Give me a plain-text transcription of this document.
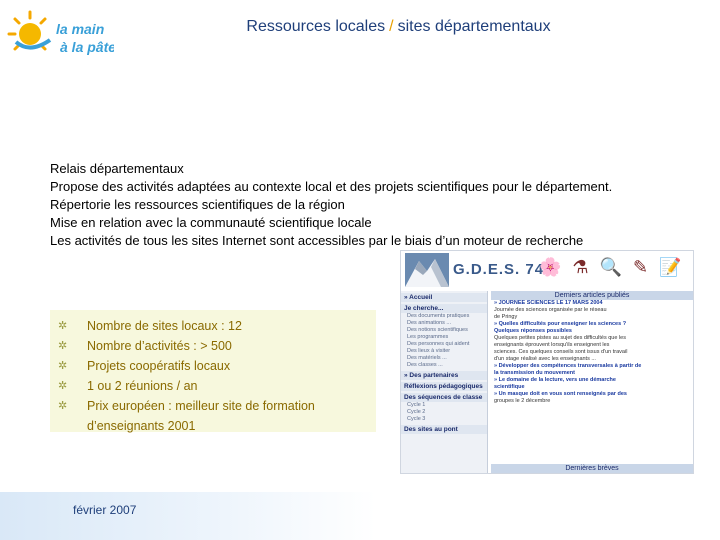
la main
à la pâte
Ressources locales / sites départementaux
Relais départementaux
Propose des activités adaptées au contexte local et des projets scientifiques pour le département.
Répertorie les ressources scientifiques de la région
Mise en relation avec la communauté scientifique locale
Les activités de tous les sites Internet sont accessibles par le biais d’un moteur de recherche
✲ Nombre de sites locaux : 12
✲ Nombre d’activités : > 500
✲ Projets coopératifs locaux
✲ 1 ou 2 réunions / an
✲ Prix européen : meilleur site de formation
d’enseignants 2001
février 2007
G.D.E.S. 74
🌸 ⚗ 🔍 ✎ 📝
» Accueil
Je cherche...
Des documents pratiques
Des animations ...
Des notions scientifiques
Les programmes
Des personnes qui aident
Des lieux à visiter
Des matériels ...
Des classes ...
» Des partenaires
Réflexions pédagogiques
Des séquences de classe
Cycle 1
Cycle 2
Cycle 3
Des sites au pont
Derniers articles publiés
» JOURNÉE SCIENCES LE 17 MARS 2004
Journée des sciences organisée par le réseau
de Pringy
» Quelles difficultés pour enseigner les sciences ?
Quelques réponses possibles
Quelques petites pistes au sujet des difficultés que les
enseignants éprouvent lorsqu'ils enseignent les
sciences. Ces quelques conseils sont issus d'un travail
d'un stage réalisé avec les enseignants ...
» Développer des compétences transversales à partir de
la transmission du mouvement
» Le domaine de la lecture, vers une démarche
scientifique
» Un masque doit en vous sont renseignés par des
groupes le 2 décembre
Dernières brèves
